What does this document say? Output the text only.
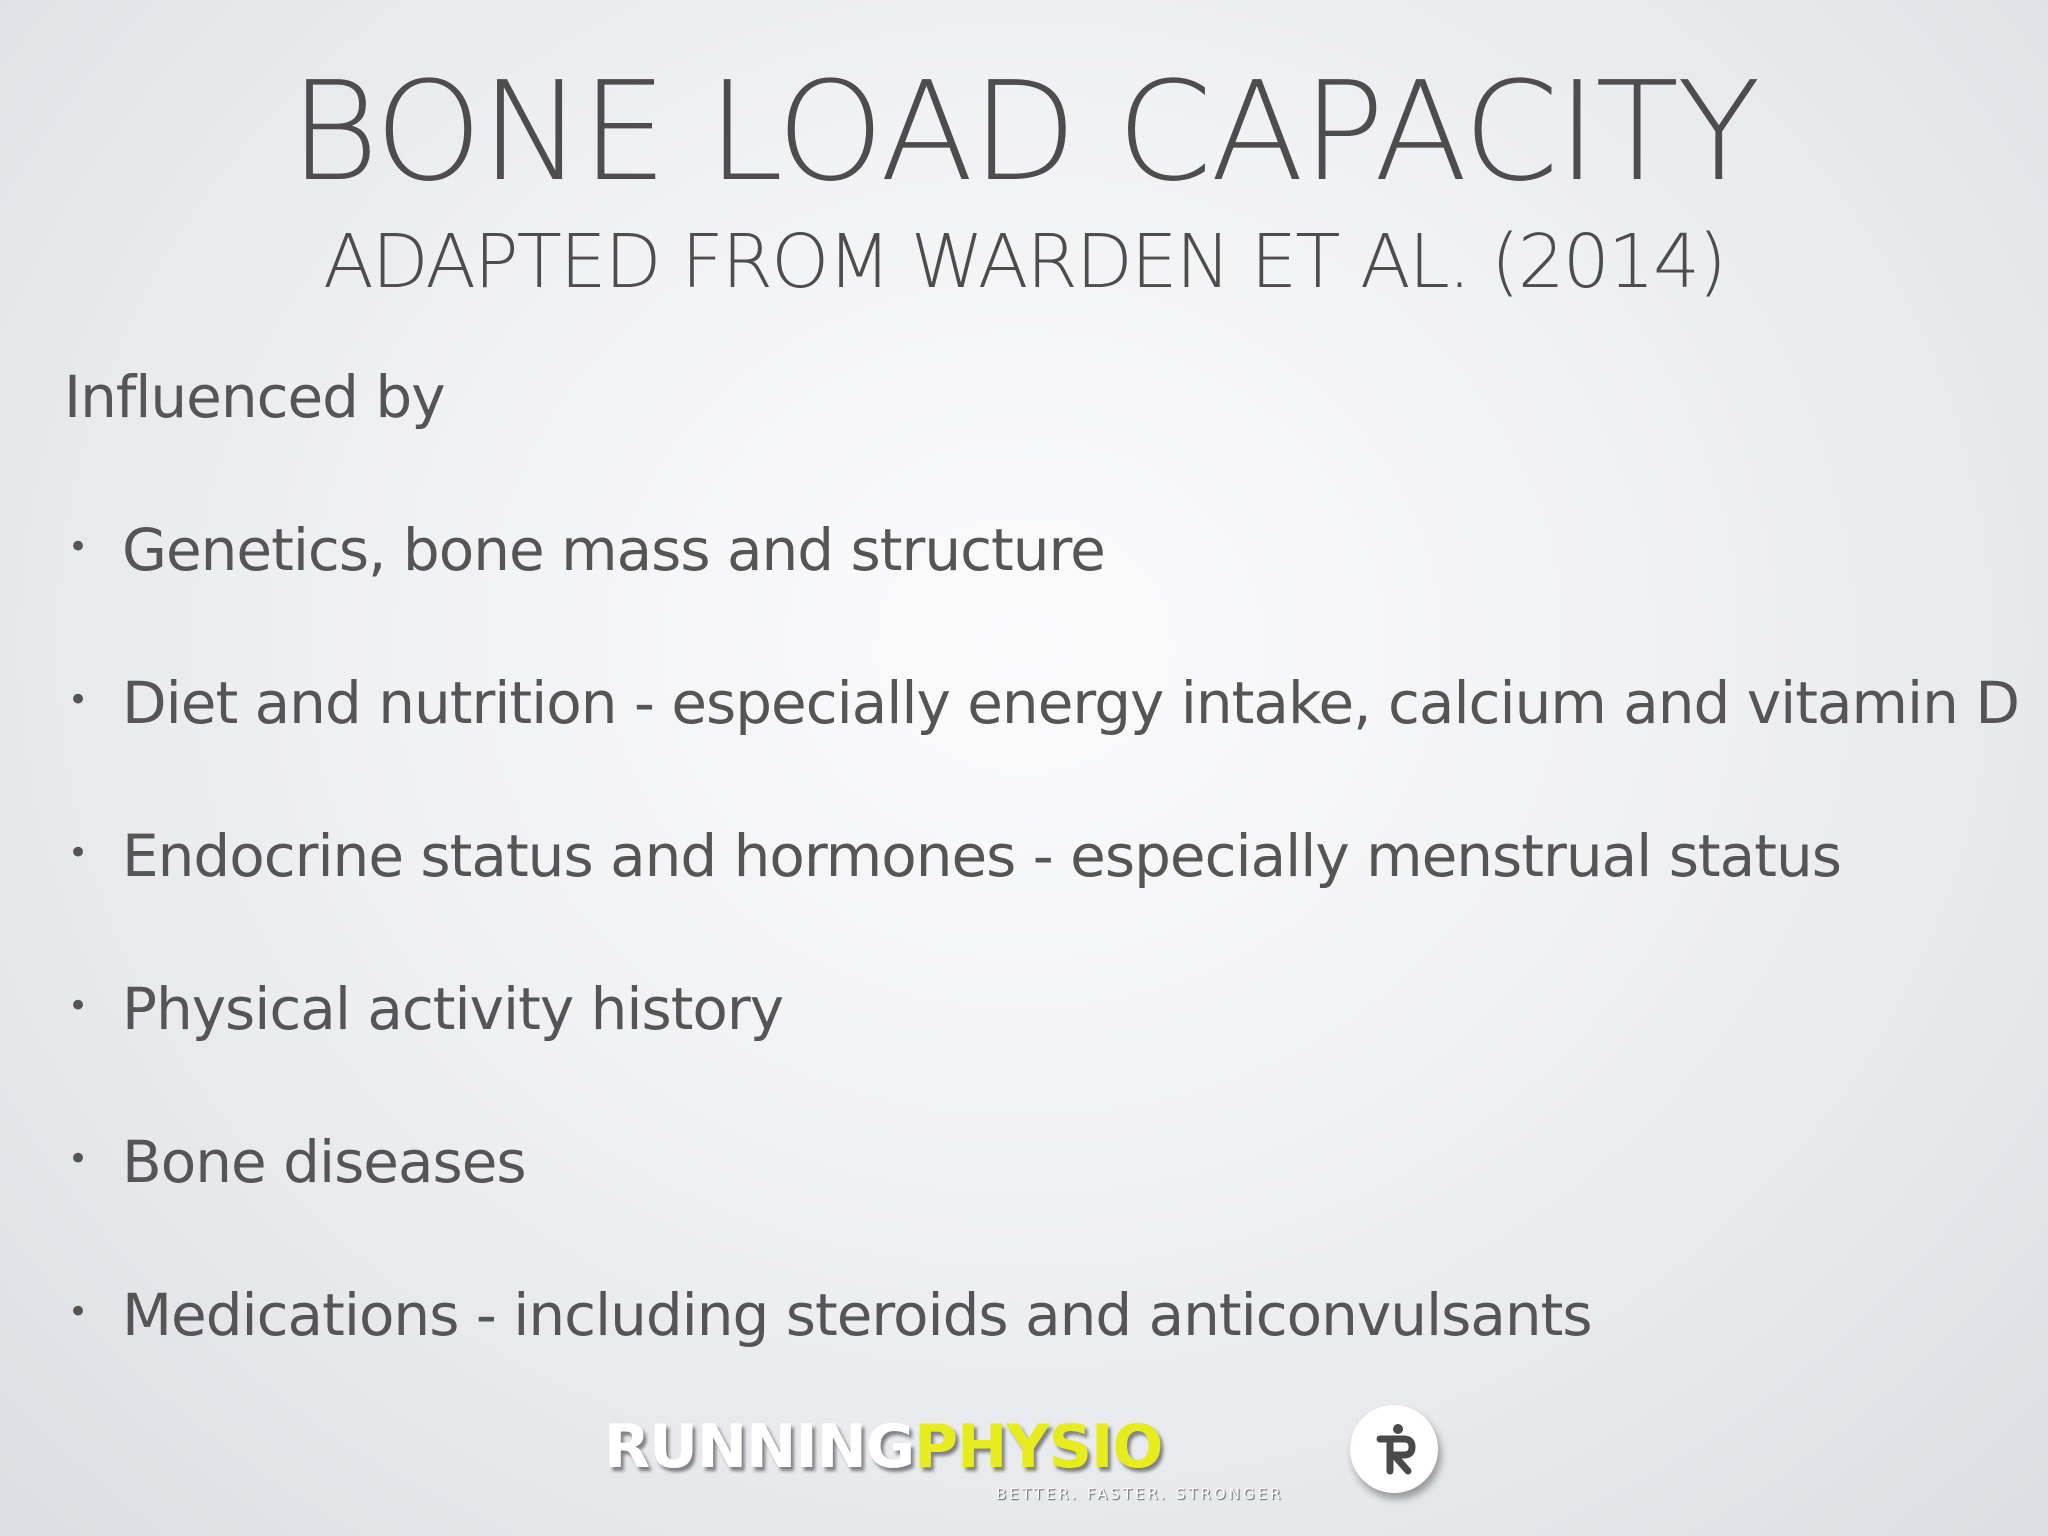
BONE LOAD CAPACITY
ADAPTED FROM WARDEN ET AL. (2014)
Influenced by
• Genetics, bone mass and structure
• Diet and nutrition - especially energy intake, calcium and vitamin D
• Endocrine status and hormones - especially menstrual status
• Physical activity history
• Bone diseases
• Medications - including steroids and anticonvulsants
RUNNINGPHYSIO
BETTER. FASTER. STRONGER
